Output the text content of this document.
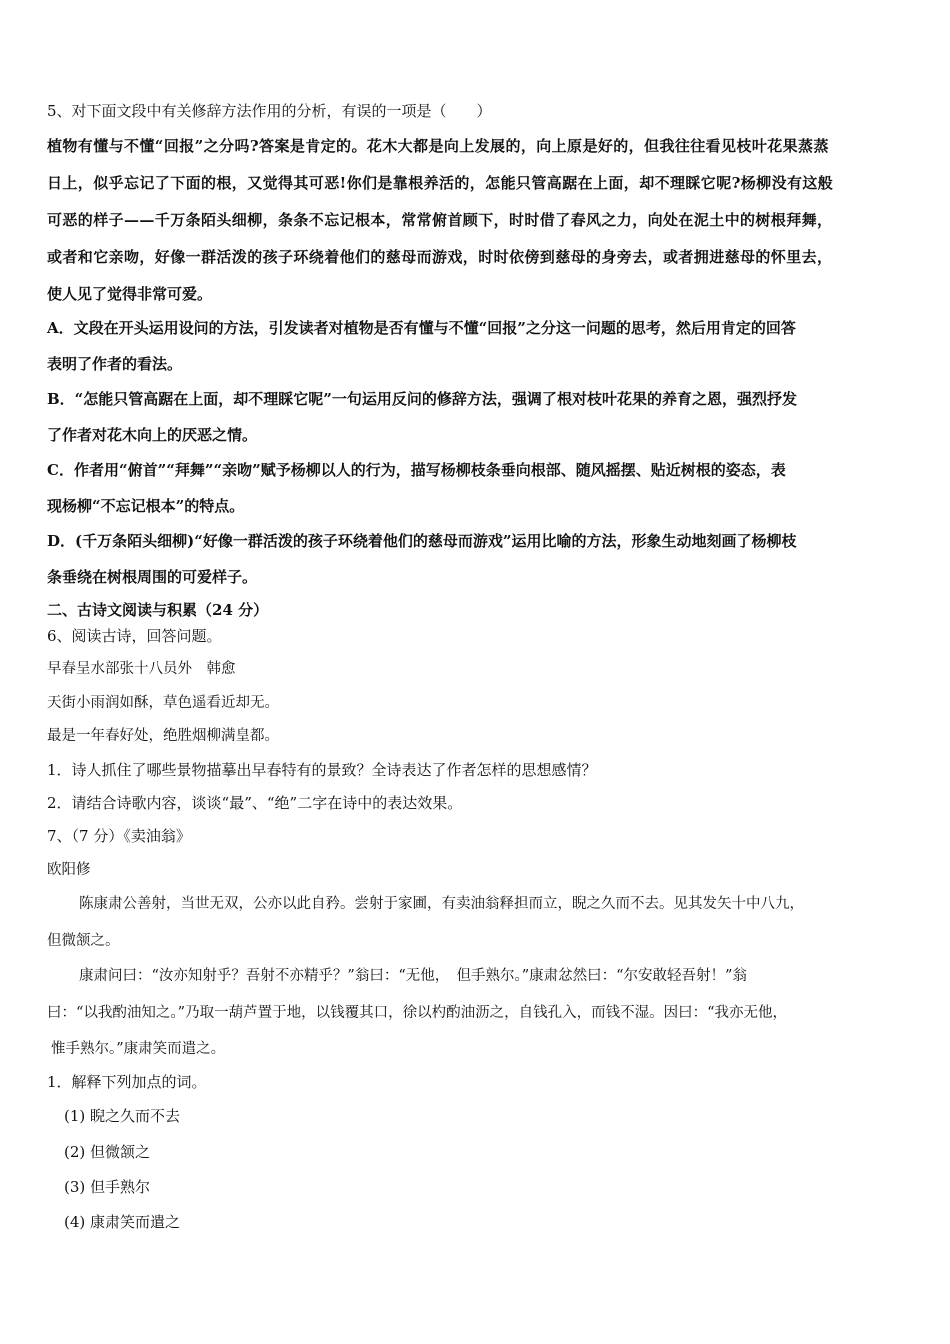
5、对下面文段中有关修辞方法作用的分析，有误的一项是（　　）
植物有懂与不懂“回报”之分吗?答案是肯定的。花木大都是向上发展的，向上原是好的，但我往往看见枝叶花果蒸蒸
日上，似乎忘记了下面的根，又觉得其可恶!你们是靠根养活的，怎能只管高踞在上面，却不理睬它呢?杨柳没有这般
可恶的样子——千万条陌头细柳，条条不忘记根本，常常俯首顾下，时时借了春风之力，向处在泥土中的树根拜舞，
或者和它亲吻，好像一群活泼的孩子环绕着他们的慈母而游戏，时时依傍到慈母的身旁去，或者拥进慈母的怀里去，
使人见了觉得非常可爱。
A．文段在开头运用设问的方法，引发读者对植物是否有懂与不懂“回报”之分这一问题的思考，然后用肯定的回答
表明了作者的看法。
B．“怎能只管高踞在上面，却不理睬它呢”一句运用反问的修辞方法，强调了根对枝叶花果的养育之恩，强烈抒发
了作者对花木向上的厌恶之情。
C．作者用“俯首”“拜舞”“亲吻”赋予杨柳以人的行为，描写杨柳枝条垂向根部、随风摇摆、贴近树根的姿态，表
现杨柳“不忘记根本”的特点。
D．(千万条陌头细柳)“好像一群活泼的孩子环绕着他们的慈母而游戏”运用比喻的方法，形象生动地刻画了杨柳枝
条垂绕在树根周围的可爱样子。
二、古诗文阅读与积累（24 分）
6、阅读古诗，回答问题。
早春呈水部张十八员外　韩愈
天街小雨润如酥，草色遥看近却无。
最是一年春好处，绝胜烟柳满皇都。
1．诗人抓住了哪些景物描摹出早春特有的景致？全诗表达了作者怎样的思想感情？
2．请结合诗歌内容，谈谈“最”、“绝”二字在诗中的表达效果。
7、（7 分）《卖油翁》
欧阳修
陈康肃公善射，当世无双，公亦以此自矜。尝射于家圃，有卖油翁释担而立，睨之久而不去。见其发矢十中八九，
但微颔之。
康肃问曰：“汝亦知射乎？吾射不亦精乎？”翁曰：“无他，　但手熟尔。”康肃忿然曰：“尔安敢轻吾射！”翁
曰：“以我酌油知之。”乃取一葫芦置于地，以钱覆其口，徐以杓酌油沥之，自钱孔入，而钱不湿。因曰：“我亦无他，
惟手熟尔。”康肃笑而遣之。
1．解释下列加点的词。
(1) 睨之久而不去
(2) 但微颔之
(3) 但手熟尔
(4) 康肃笑而遣之
